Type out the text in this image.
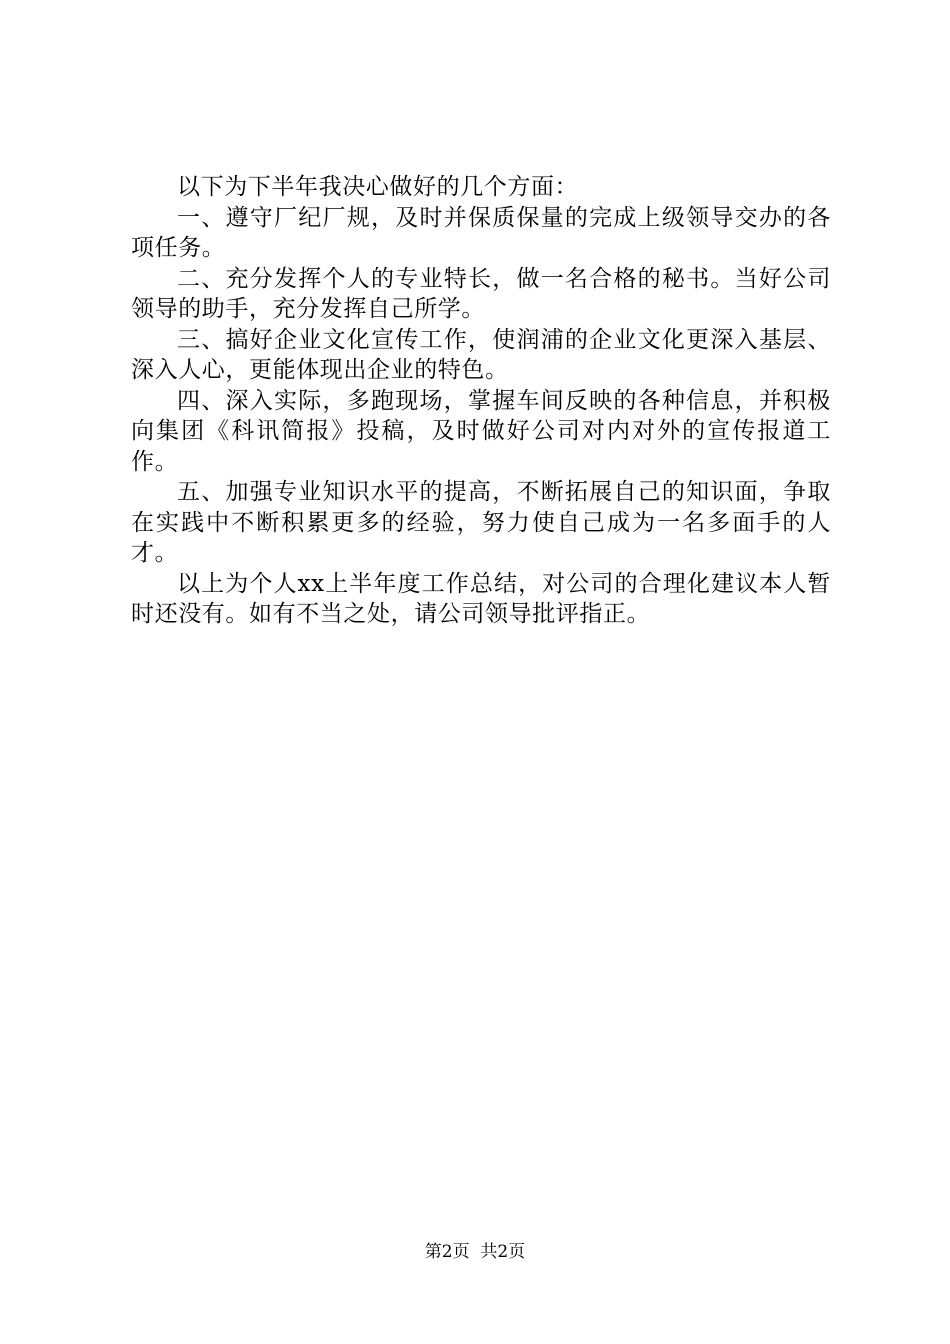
以下为下半年我决心做好的几个方面：

一、遵守厂纪厂规，及时并保质保量的完成上级领导交办的各项任务。

二、充分发挥个人的专业特长，做一名合格的秘书。当好公司领导的助手，充分发挥自己所学。

三、搞好企业文化宣传工作，使润浦的企业文化更深入基层、深入人心，更能体现出企业的特色。

四、深入实际，多跑现场，掌握车间反映的各种信息，并积极向集团《科讯简报》投稿，及时做好公司对内对外的宣传报道工作。

五、加强专业知识水平的提高，不断拓展自己的知识面，争取在实践中不断积累更多的经验，努力使自己成为一名多面手的人才。

以上为个人xx上半年度工作总结，对公司的合理化建议本人暂时还没有。如有不当之处，请公司领导批评指正。

第2页  共2页
